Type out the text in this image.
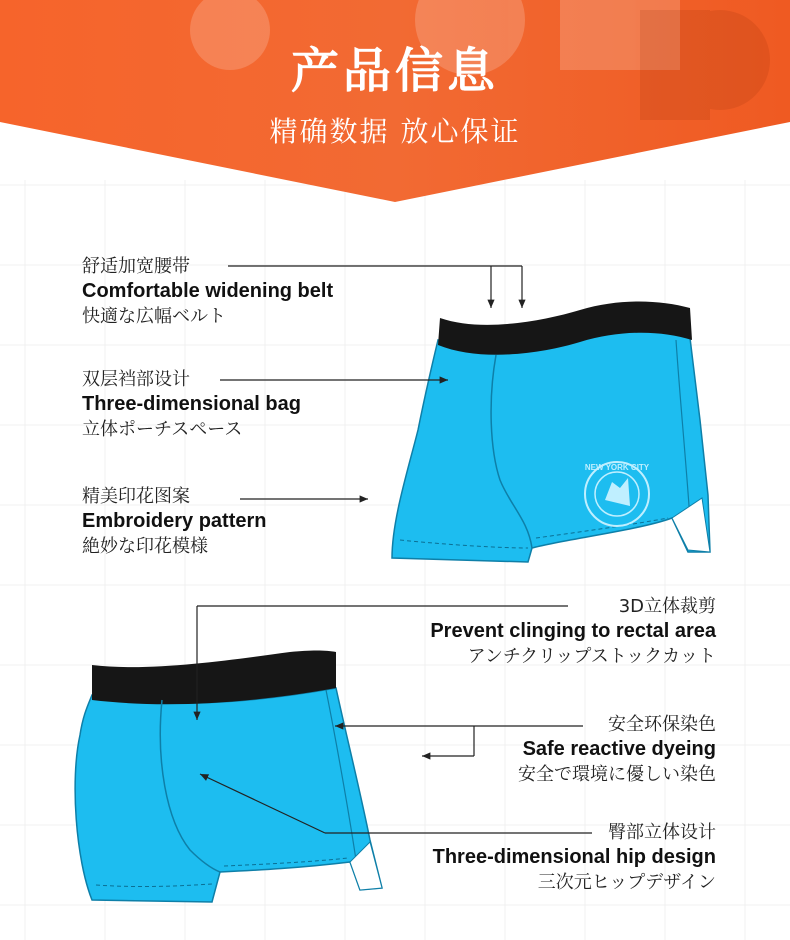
产品信息
精确数据 放心保证
NEW YORK CITY
舒适加宽腰带
Comfortable widening belt
快適な広幅ベルト
双层裆部设计
Three-dimensional bag
立体ポーチスペース
精美印花图案
Embroidery pattern
絶妙な印花模様
3D立体裁剪
Prevent clinging to rectal area
アンチクリップストックカット
安全环保染色
Safe reactive dyeing
安全で環境に優しい染色
臀部立体设计
Three-dimensional hip design
三次元ヒップデザイン
